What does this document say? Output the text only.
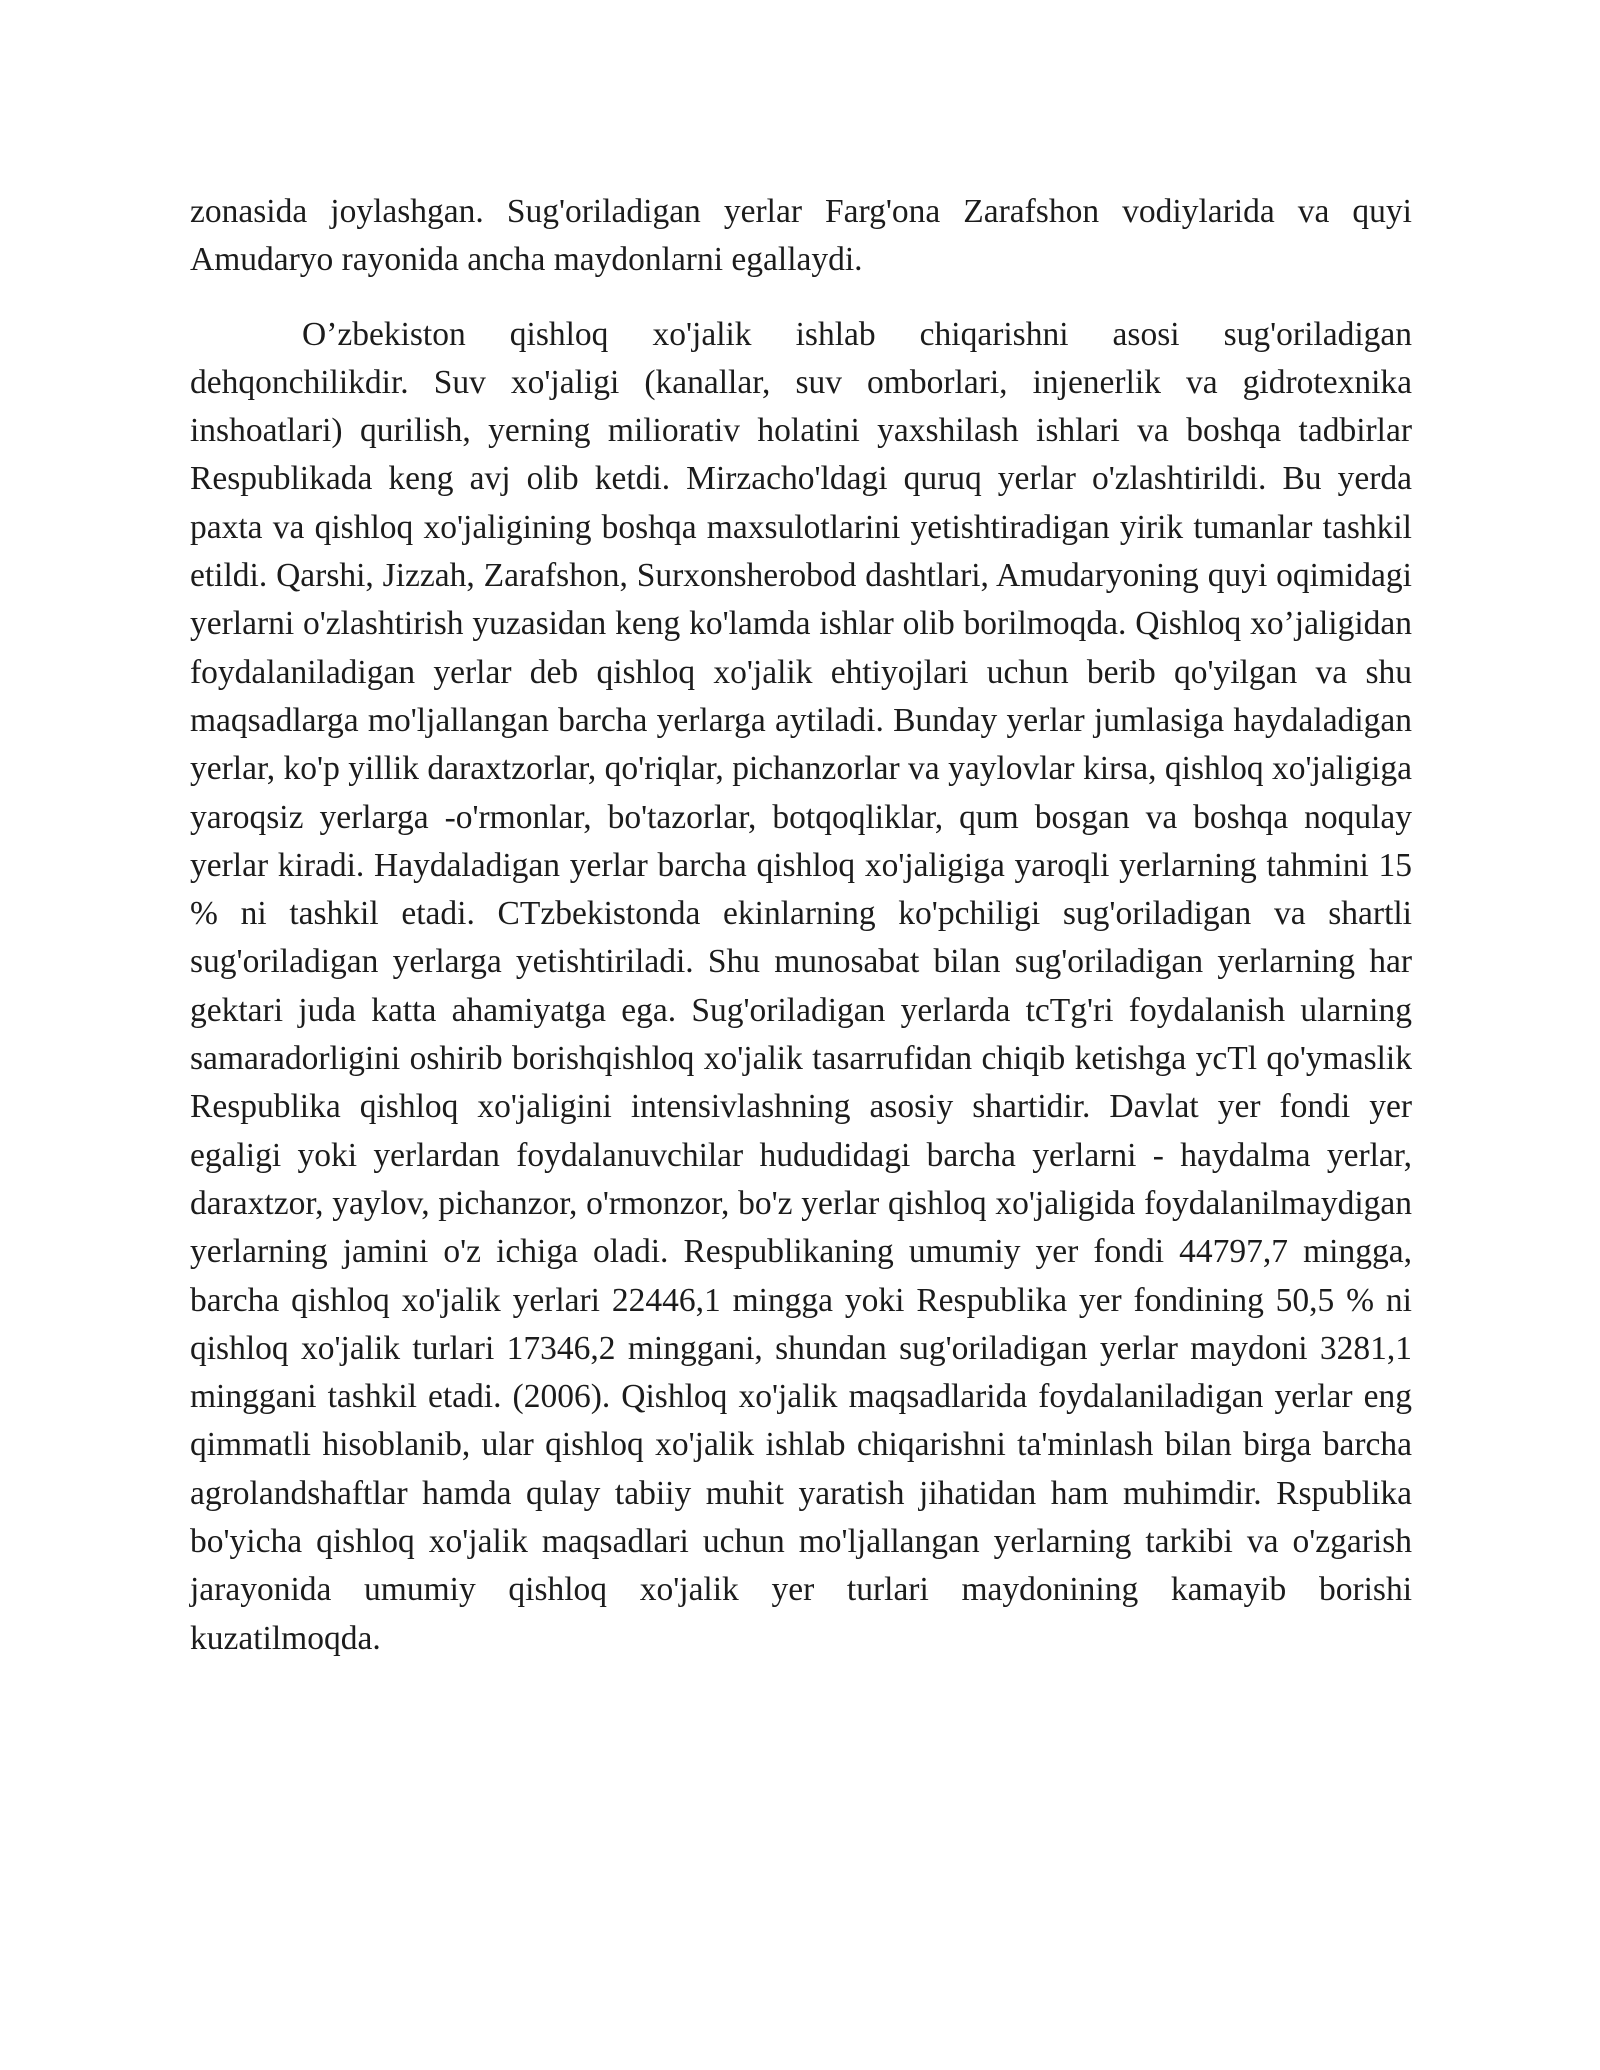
zonasida joylashgan. Sug'oriladigan yerlar Farg'ona Zarafshon vodiylarida va quyi Amudaryo rayonida ancha maydonlarni egallaydi.

O’zbekiston qishloq xo'jalik ishlab chiqarishni asosi sug'oriladigan dehqonchilikdir. Suv xo'jaligi (kanallar, suv omborlari, injenerlik va gidrotexnika inshoatlari) qurilish, yerning miliorativ holatini yaxshilash ishlari va boshqa tadbirlar Respublikada keng avj olib ketdi. Mirzacho'ldagi quruq yerlar o'zlashtirildi. Bu yerda paxta va qishloq xo'jaligining boshqa maxsulotlarini yetishtiradigan yirik tumanlar tashkil etildi. Qarshi, Jizzah, Zarafshon, Surxonsherobod dashtlari, Amudaryoning quyi oqimidagi yerlarni o'zlashtirish yuzasidan keng ko'lamda ishlar olib borilmoqda. Qishloq xo’jaligidan foydalaniladigan yerlar deb qishloq xo'jalik ehtiyojlari uchun berib qo'yilgan va shu maqsadlarga mo'ljallangan barcha yerlarga aytiladi. Bunday yerlar jumlasiga haydaladigan yerlar, ko'p yillik daraxtzorlar, qo'riqlar, pichanzorlar va yaylovlar kirsa, qishloq xo'jaligiga yaroqsiz yerlarga -o'rmonlar, bo'tazorlar, botqoqliklar, qum bosgan va boshqa noqulay yerlar kiradi. Haydaladigan yerlar barcha qishloq xo'jaligiga yaroqli yerlarning tahmini 15 % ni tashkil etadi. CTzbekistonda ekinlarning ko'pchiligi sug'oriladigan va shartli sug'oriladigan yerlarga yetishtiriladi. Shu munosabat bilan sug'oriladigan yerlarning har gektari juda katta ahamiyatga ega. Sug'oriladigan yerlarda tcTg'ri foydalanish ularning samaradorligini oshirib borishqishloq xo'jalik tasarrufidan chiqib ketishga ycTl qo'ymaslik Respublika qishloq xo'jaligini intensivlashning asosiy shartidir. Davlat yer fondi yer egaligi yoki yerlardan foydalanuvchilar hududidagi barcha yerlarni - haydalma yerlar, daraxtzor, yaylov, pichanzor, o'rmonzor, bo'z yerlar qishloq xo'jaligida foydalanilmaydigan yerlarning jamini o'z ichiga oladi. Respublikaning umumiy yer fondi 44797,7 mingga, barcha qishloq xo'jalik yerlari 22446,1 mingga yoki Respublika yer fondining 50,5 % ni qishloq xo'jalik turlari 17346,2 minggani, shundan sug'oriladigan yerlar maydoni 3281,1 minggani tashkil etadi. (2006). Qishloq xo'jalik maqsadlarida foydalaniladigan yerlar eng qimmatli hisoblanib, ular qishloq xo'jalik ishlab chiqarishni ta'minlash bilan birga barcha agrolandshaftlar hamda qulay tabiiy muhit yaratish jihatidan ham muhimdir. Rspublika bo'yicha qishloq xo'jalik maqsadlari uchun mo'ljallangan yerlarning tarkibi va o'zgarish jarayonida umumiy qishloq xo'jalik yer turlari maydonining kamayib borishi kuzatilmoqda.
